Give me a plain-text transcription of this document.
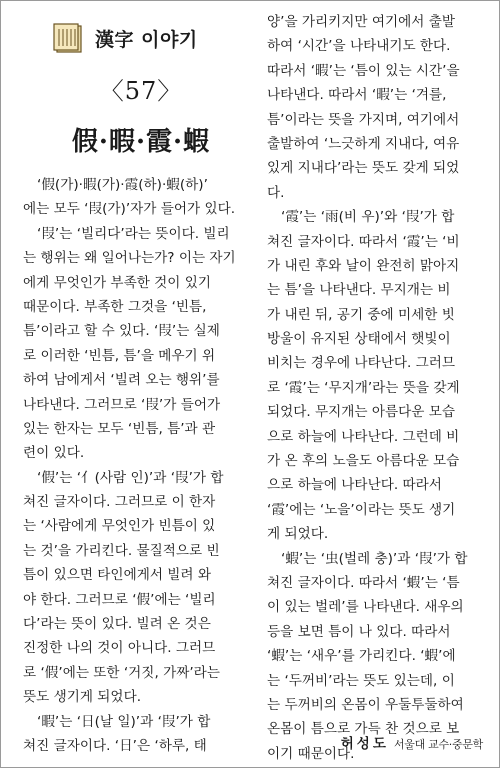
漢字 이야기
〈57〉
假·暇·霞·蝦
‘假(가)·暇(가)·霞(하)·蝦(하)’
에는 모두 ‘叚(가)’자가 들어가 있다.
‘叚’는 ‘빌리다’라는 뜻이다. 빌리
는 행위는 왜 일어나는가? 이는 자기
에게 무엇인가 부족한 것이 있기
때문이다. 부족한 그것을 ‘빈틈,
틈’이라고 할 수 있다. ‘叚’는 실제
로 이러한 ‘빈틈, 틈’을 메우기 위
하여 남에게서 ‘빌려 오는 행위’를
나타낸다. 그러므로 ‘叚’가 들어가
있는 한자는 모두 ‘빈틈, 틈’과 관
련이 있다.
‘假’는 ‘亻(사람 인)’과 ‘叚’가 합
쳐진 글자이다. 그러므로 이 한자
는 ‘사람에게 무엇인가 빈틈이 있
는 것’을 가리킨다. 물질적으로 빈
틈이 있으면 타인에게서 빌려 와
야 한다. 그러므로 ‘假’에는 ‘빌리
다’라는 뜻이 있다. 빌려 온 것은
진정한 나의 것이 아니다. 그러므
로 ‘假’에는 또한 ‘거짓, 가짜’라는
뜻도 생기게 되었다.
‘暇’는 ‘日(날 일)’과 ‘叚’가 합
쳐진 글자이다. ‘日’은 ‘하루, 태
양’을 가리키지만 여기에서 출발
하여 ‘시간’을 나타내기도 한다.
따라서 ‘暇’는 ‘틈이 있는 시간’을
나타낸다. 따라서 ‘暇’는 ‘겨를,
틈’이라는 뜻을 가지며, 여기에서
출발하여 ‘느긋하게 지내다, 여유
있게 지내다’라는 뜻도 갖게 되었
다.
‘霞’는 ‘雨(비 우)’와 ‘叚’가 합
쳐진 글자이다. 따라서 ‘霞’는 ‘비
가 내린 후와 날이 완전히 맑아지
는 틈’을 나타낸다. 무지개는 비
가 내린 뒤, 공기 중에 미세한 빗
방울이 유지된 상태에서 햇빛이
비치는 경우에 나타난다. 그러므
로 ‘霞’는 ‘무지개’라는 뜻을 갖게
되었다. 무지개는 아름다운 모습
으로 하늘에 나타난다. 그런데 비
가 온 후의 노을도 아름다운 모습
으로 하늘에 나타난다. 따라서
‘霞’에는 ‘노을’이라는 뜻도 생기
게 되었다.
‘蝦’는 ‘虫(벌레 충)’과 ‘叚’가 합
쳐진 글자이다. 따라서 ‘蝦’는 ‘틈
이 있는 벌레’를 나타낸다. 새우의
등을 보면 틈이 나 있다. 따라서
‘蝦’는 ‘새우’를 가리킨다. ‘蝦’에
는 ‘두꺼비’라는 뜻도 있는데, 이
는 두꺼비의 온몸이 우둘투둘하여
온몸이 틈으로 가득 찬 것으로 보
이기 때문이다.
허성도 서울대 교수·중문학
